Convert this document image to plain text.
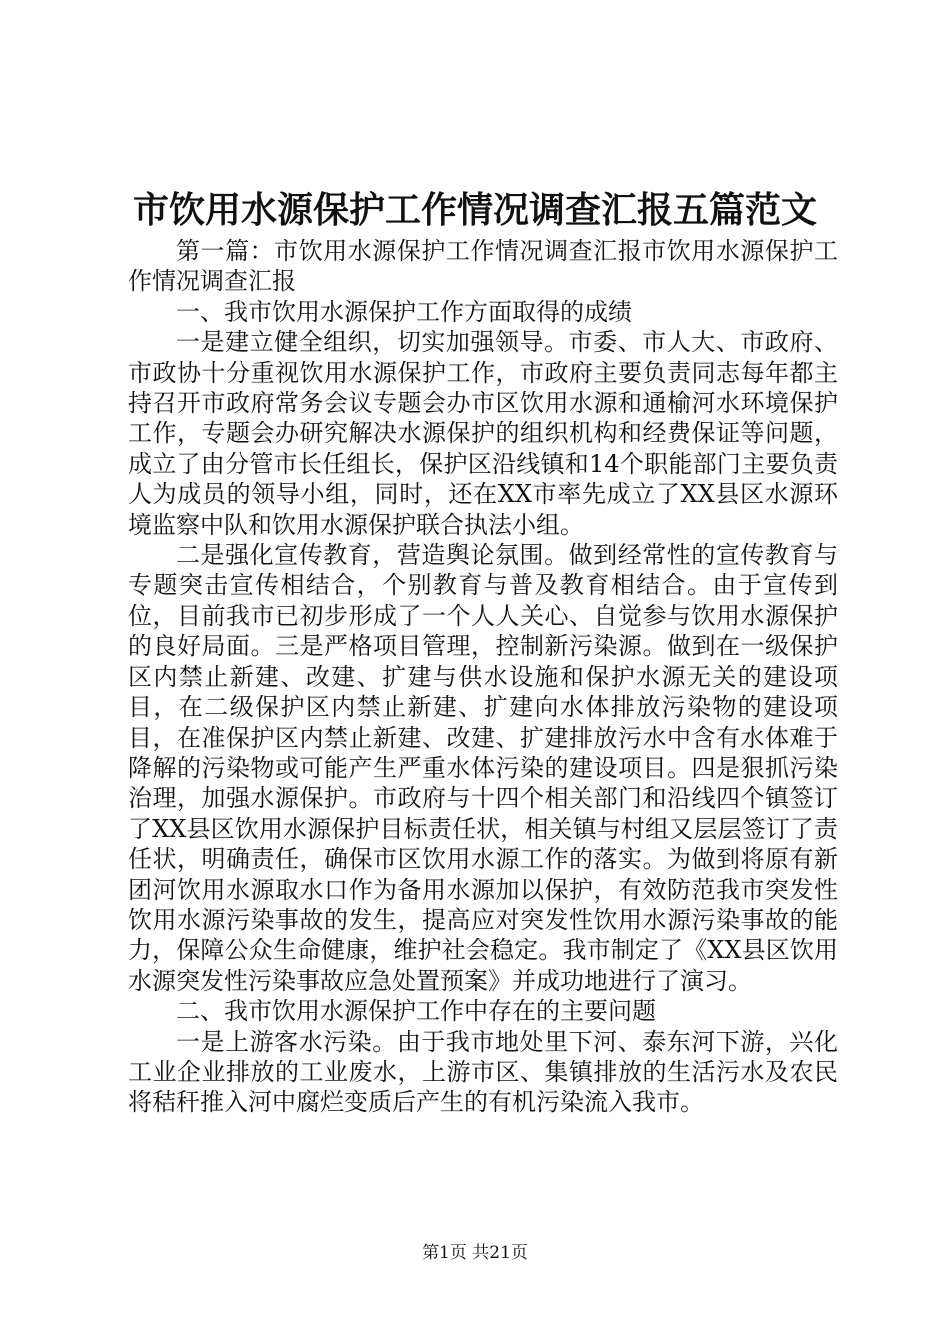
市饮用水源保护工作情况调查汇报五篇范文

第一篇：市饮用水源保护工作情况调查汇报市饮用水源保护工作情况调查汇报

一、我市饮用水源保护工作方面取得的成绩

一是建立健全组织，切实加强领导。市委、市人大、市政府、市政协十分重视饮用水源保护工作，市政府主要负责同志每年都主持召开市政府常务会议专题会办市区饮用水源和通榆河水环境保护工作，专题会办研究解决水源保护的组织机构和经费保证等问题，成立了由分管市长任组长，保护区沿线镇和14个职能部门主要负责人为成员的领导小组，同时，还在XX市率先成立了XX县区水源环境监察中队和饮用水源保护联合执法小组。

二是强化宣传教育，营造舆论氛围。做到经常性的宣传教育与专题突击宣传相结合，个别教育与普及教育相结合。由于宣传到位，目前我市已初步形成了一个人人关心、自觉参与饮用水源保护的良好局面。三是严格项目管理，控制新污染源。做到在一级保护区内禁止新建、改建、扩建与供水设施和保护水源无关的建设项目，在二级保护区内禁止新建、扩建向水体排放污染物的建设项目，在准保护区内禁止新建、改建、扩建排放污水中含有水体难于降解的污染物或可能产生严重水体污染的建设项目。四是狠抓污染治理，加强水源保护。市政府与十四个相关部门和沿线四个镇签订了XX县区饮用水源保护目标责任状，相关镇与村组又层层签订了责任状，明确责任，确保市区饮用水源工作的落实。为做到将原有新团河饮用水源取水口作为备用水源加以保护，有效防范我市突发性饮用水源污染事故的发生，提高应对突发性饮用水源污染事故的能力，保障公众生命健康，维护社会稳定。我市制定了《XX县区饮用水源突发性污染事故应急处置预案》并成功地进行了演习。

二、我市饮用水源保护工作中存在的主要问题

一是上游客水污染。由于我市地处里下河、泰东河下游，兴化工业企业排放的工业废水，上游市区、集镇排放的生活污水及农民将秸秆推入河中腐烂变质后产生的有机污染流入我市。

第1页 共21页
